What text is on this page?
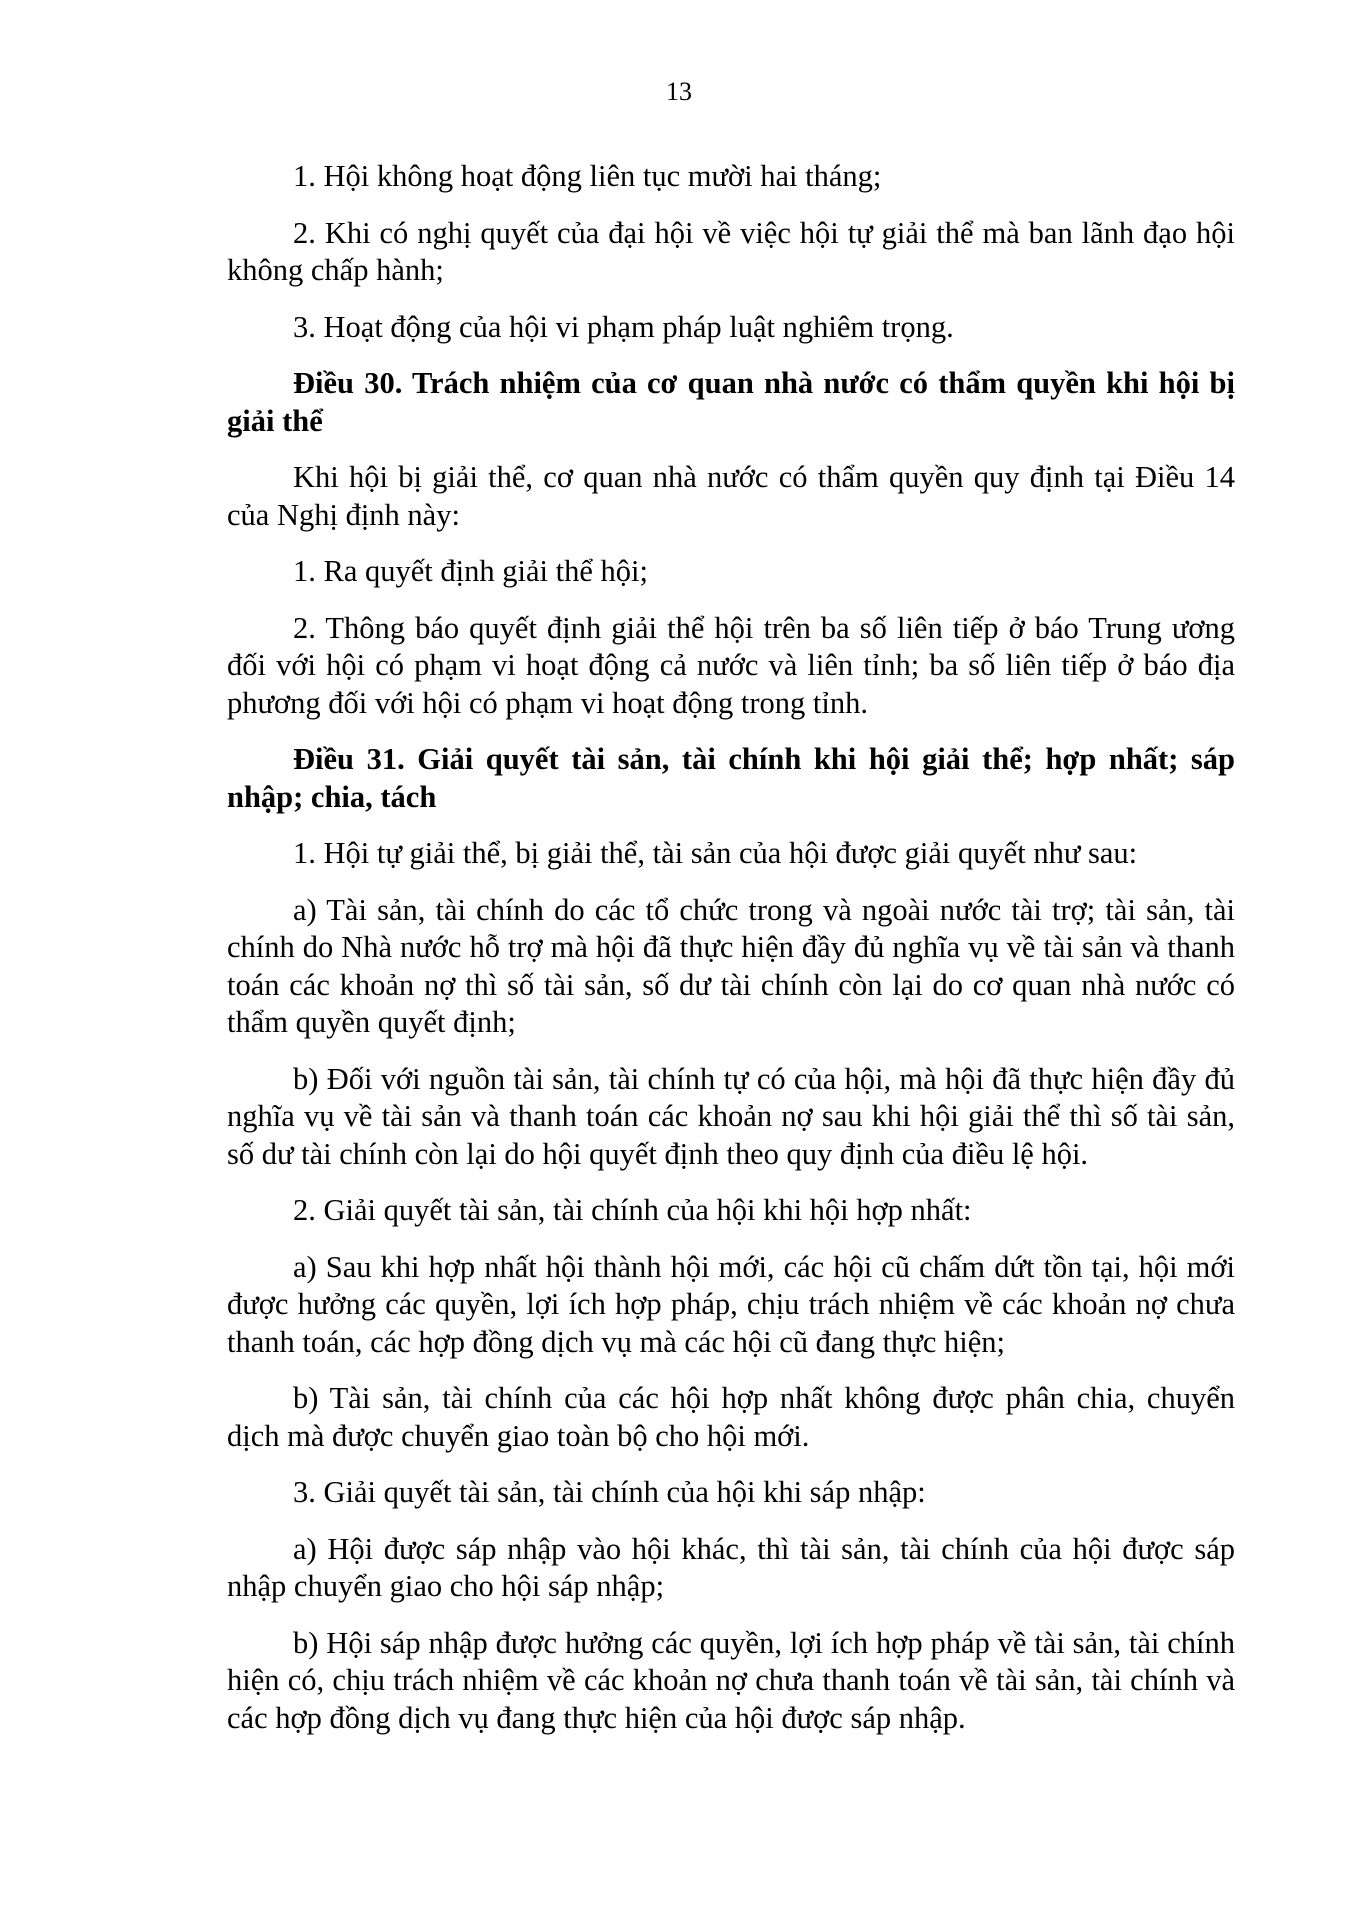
13

1. Hội không hoạt động liên tục mười hai tháng;

2. Khi có nghị quyết của đại hội về việc hội tự giải thể mà ban lãnh đạo hội không chấp hành;

3. Hoạt động của hội vi phạm pháp luật nghiêm trọng.

Điều 30. Trách nhiệm của cơ quan nhà nước có thẩm quyền khi hội bị giải thể

Khi hội bị giải thể, cơ quan nhà nước có thẩm quyền quy định tại Điều 14 của Nghị định này:

1. Ra quyết định giải thể hội;

2. Thông báo quyết định giải thể hội trên ba số liên tiếp ở báo Trung ương đối với hội có phạm vi hoạt động cả nước và liên tỉnh; ba số liên tiếp ở báo địa phương đối với hội có phạm vi hoạt động trong tỉnh.

Điều 31. Giải quyết tài sản, tài chính khi hội giải thể; hợp nhất; sáp nhập; chia, tách

1. Hội tự giải thể, bị giải thể, tài sản của hội được giải quyết như sau:

a) Tài sản, tài chính do các tổ chức trong và ngoài nước tài trợ; tài sản, tài chính do Nhà nước hỗ trợ mà hội đã thực hiện đầy đủ nghĩa vụ về tài sản và thanh toán các khoản nợ thì số tài sản, số dư tài chính còn lại do cơ quan nhà nước có thẩm quyền quyết định;

b) Đối với nguồn tài sản, tài chính tự có của hội, mà hội đã thực hiện đầy đủ nghĩa vụ về tài sản và thanh toán các khoản nợ sau khi hội giải thể thì số tài sản, số dư tài chính còn lại do hội quyết định theo quy định của điều lệ hội.

2. Giải quyết tài sản, tài chính của hội khi hội hợp nhất:

a) Sau khi hợp nhất hội thành hội mới, các hội cũ chấm dứt tồn tại, hội mới được hưởng các quyền, lợi ích hợp pháp, chịu trách nhiệm về các khoản nợ chưa thanh toán, các hợp đồng dịch vụ mà các hội cũ đang thực hiện;

b) Tài sản, tài chính của các hội hợp nhất không được phân chia, chuyển dịch mà được chuyển giao toàn bộ cho hội mới.

3. Giải quyết tài sản, tài chính của hội khi sáp nhập:

a) Hội được sáp nhập vào hội khác, thì tài sản, tài chính của hội được sáp nhập chuyển giao cho hội sáp nhập;

b) Hội sáp nhập được hưởng các quyền, lợi ích hợp pháp về tài sản, tài chính hiện có, chịu trách nhiệm về các khoản nợ chưa thanh toán về tài sản, tài chính và các hợp đồng dịch vụ đang thực hiện của hội được sáp nhập.
